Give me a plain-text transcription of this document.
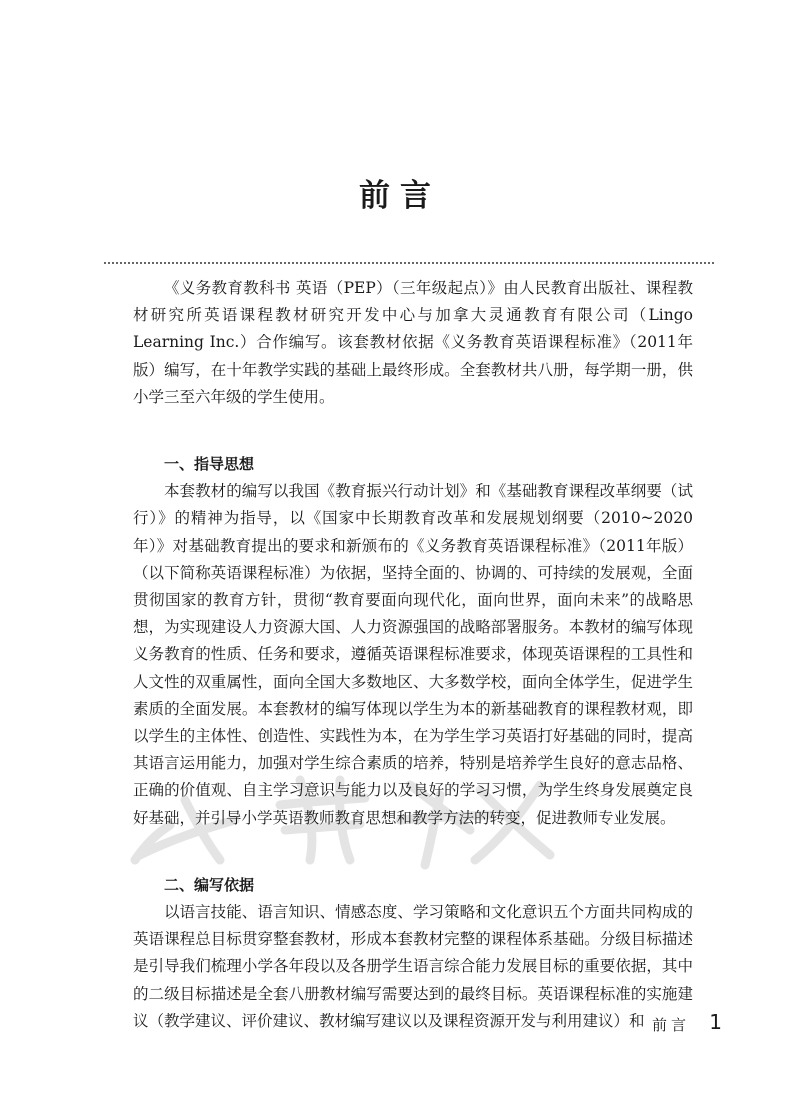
前言

《义务教育教科书 英语（PEP）（三年级起点）》由人民教育出版社、课程教材研究所英语课程教材研究开发中心与加拿大灵通教育有限公司（Lingo Learning Inc.）合作编写。该套教材依据《义务教育英语课程标准》（2011年版）编写，在十年教学实践的基础上最终形成。全套教材共八册，每学期一册，供小学三至六年级的学生使用。

一、指导思想

本套教材的编写以我国《教育振兴行动计划》和《基础教育课程改革纲要（试行）》的精神为指导，以《国家中长期教育改革和发展规划纲要（2010~2020年）》对基础教育提出的要求和新颁布的《义务教育英语课程标准》（2011年版）（以下简称英语课程标准）为依据，坚持全面的、协调的、可持续的发展观，全面贯彻国家的教育方针，贯彻“教育要面向现代化，面向世界，面向未来”的战略思想，为实现建设人力资源大国、人力资源强国的战略部署服务。本教材的编写体现义务教育的性质、任务和要求，遵循英语课程标准要求，体现英语课程的工具性和人文性的双重属性，面向全国大多数地区、大多数学校，面向全体学生，促进学生素质的全面发展。本套教材的编写体现以学生为本的新基础教育的课程教材观，即以学生的主体性、创造性、实践性为本，在为学生学习英语打好基础的同时，提高其语言运用能力，加强对学生综合素质的培养，特别是培养学生良好的意志品格、正确的价值观、自主学习意识与能力以及良好的学习习惯，为学生终身发展奠定良好基础，并引导小学英语教师教育思想和教学方法的转变，促进教师专业发展。

二、编写依据

以语言技能、语言知识、情感态度、学习策略和文化意识五个方面共同构成的英语课程总目标贯穿整套教材，形成本套教材完整的课程体系基础。分级目标描述是引导我们梳理小学各年段以及各册学生语言综合能力发展目标的重要依据，其中的二级目标描述是全套八册教材编写需要达到的最终目标。英语课程标准的实施建议（教学建议、评价建议、教材编写建议以及课程资源开发与利用建议）和 前言 1
